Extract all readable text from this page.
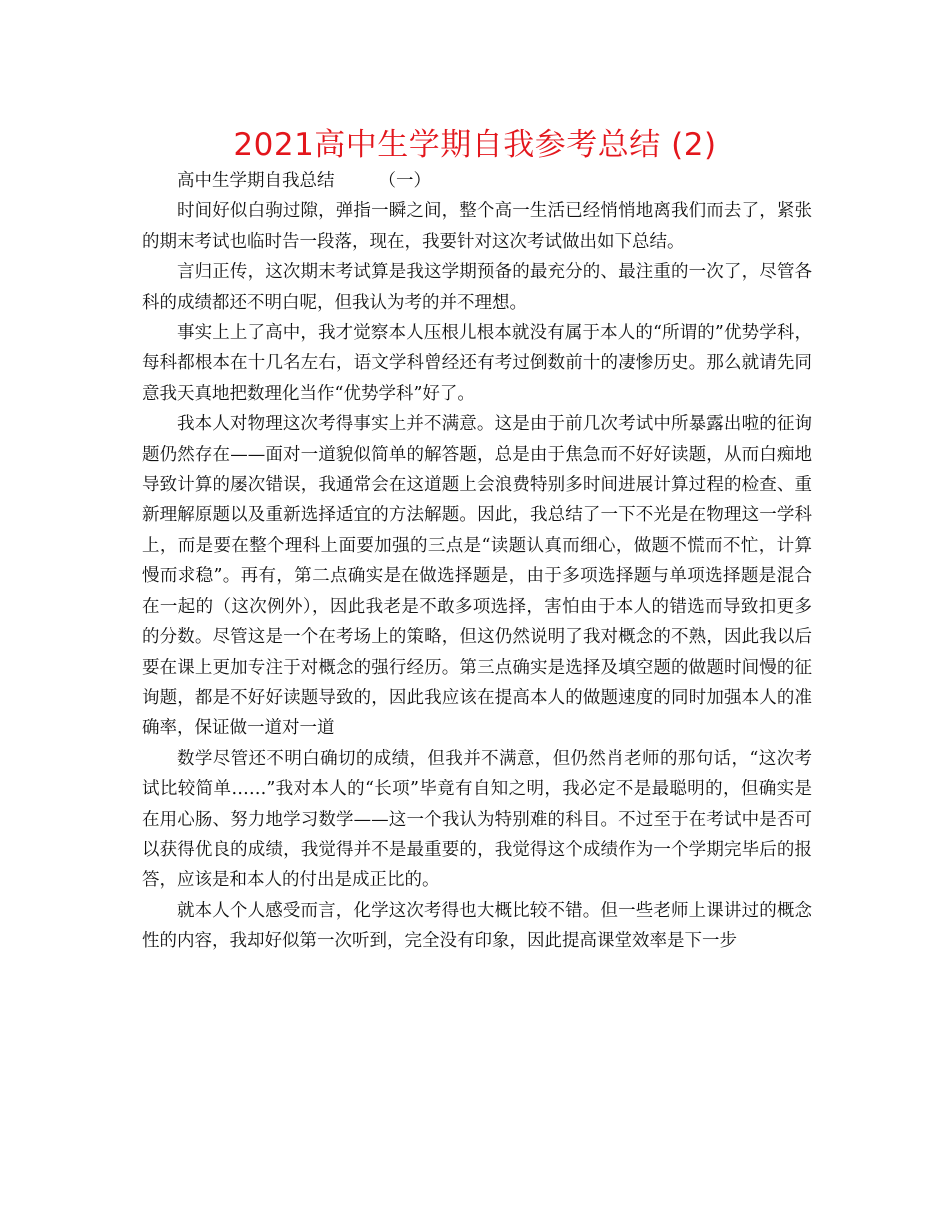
2021高中生学期自我参考总结 (2)
高中生学期自我总结	（一）

时间好似白驹过隙，弹指一瞬之间，整个高一生活已经悄悄地离我们而去了，紧张的期末考试也临时告一段落，现在，我要针对这次考试做出如下总结。

言归正传，这次期末考试算是我这学期预备的最充分的、最注重的一次了，尽管各科的成绩都还不明白呢，但我认为考的并不理想。

事实上上了高中，我才觉察本人压根儿根本就没有属于本人的“所谓的”优势学科，每科都根本在十几名左右，语文学科曾经还有考过倒数前十的凄惨历史。那么就请先同意我天真地把数理化当作“优势学科”好了。

我本人对物理这次考得事实上并不满意。这是由于前几次考试中所暴露出啦的征询题仍然存在——面对一道貌似简单的解答题，总是由于焦急而不好好读题，从而白痴地导致计算的屡次错误，我通常会在这道题上会浪费特别多时间进展计算过程的检查、重新理解原题以及重新选择适宜的方法解题。因此，我总结了一下不光是在物理这一学科上，而是要在整个理科上面要加强的三点是“读题认真而细心，做题不慌而不忙，计算慢而求稳”。再有，第二点确实是在做选择题是，由于多项选择题与单项选择题是混合在一起的（这次例外），因此我老是不敢多项选择，害怕由于本人的错选而导致扣更多的分数。尽管这是一个在考场上的策略，但这仍然说明了我对概念的不熟，因此我以后要在课上更加专注于对概念的强行经历。第三点确实是选择及填空题的做题时间慢的征询题，都是不好好读题导致的，因此我应该在提高本人的做题速度的同时加强本人的准确率，保证做一道对一道

数学尽管还不明白确切的成绩，但我并不满意，但仍然肖老师的那句话，“这次考试比较简单……”我对本人的“长项”毕竟有自知之明，我必定不是最聪明的，但确实是在用心肠、努力地学习数学——这一个我认为特别难的科目。不过至于在考试中是否可以获得优良的成绩，我觉得并不是最重要的，我觉得这个成绩作为一个学期完毕后的报答，应该是和本人的付出是成正比的。

就本人个人感受而言，化学这次考得也大概比较不错。但一些老师上课讲过的概念性的内容，我却好似第一次听到，完全没有印象，因此提高课堂效率是下一步
